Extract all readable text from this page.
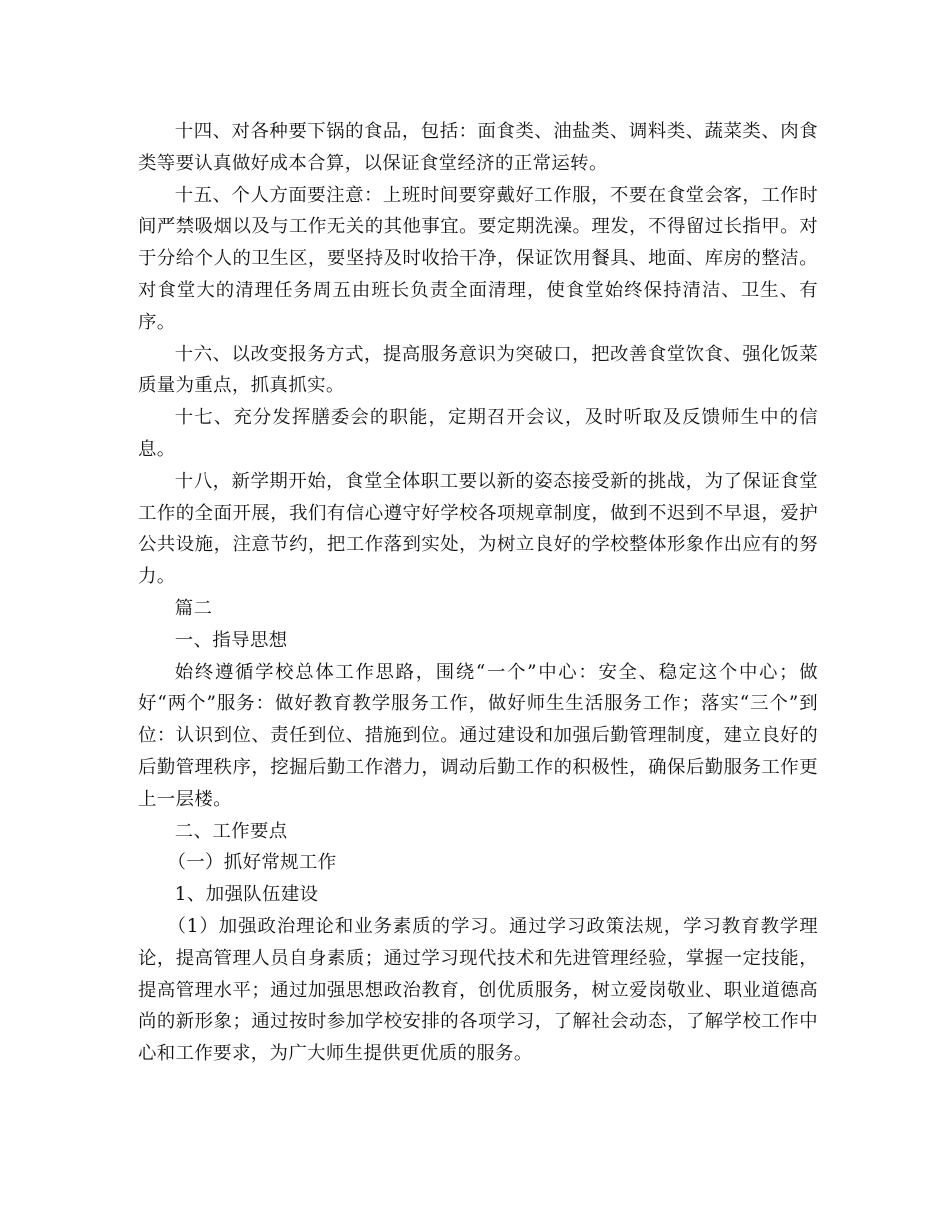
十四、对各种要下锅的食品，包括：面食类、油盐类、调料类、蔬菜类、肉食类等要认真做好成本合算，以保证食堂经济的正常运转。

十五、个人方面要注意：上班时间要穿戴好工作服，不要在食堂会客，工作时间严禁吸烟以及与工作无关的其他事宜。要定期洗澡。理发，不得留过长指甲。对于分给个人的卫生区，要坚持及时收拾干净，保证饮用餐具、地面、库房的整洁。对食堂大的清理任务周五由班长负责全面清理，使食堂始终保持清洁、卫生、有序。

十六、以改变报务方式，提高服务意识为突破口，把改善食堂饮食、强化饭菜质量为重点，抓真抓实。

十七、充分发挥膳委会的职能，定期召开会议，及时听取及反馈师生中的信息。

十八，新学期开始，食堂全体职工要以新的姿态接受新的挑战，为了保证食堂工作的全面开展，我们有信心遵守好学校各项规章制度，做到不迟到不早退，爱护公共设施，注意节约，把工作落到实处，为树立良好的学校整体形象作出应有的努力。

篇二

一、指导思想

始终遵循学校总体工作思路，围绕“一个”中心：安全、稳定这个中心；做好“两个”服务：做好教育教学服务工作，做好师生生活服务工作；落实“三个”到位：认识到位、责任到位、措施到位。通过建设和加强后勤管理制度，建立良好的后勤管理秩序，挖掘后勤工作潜力，调动后勤工作的积极性，确保后勤服务工作更上一层楼。

二、工作要点

（一）抓好常规工作

1、加强队伍建设

（1）加强政治理论和业务素质的学习。通过学习政策法规，学习教育教学理论，提高管理人员自身素质；通过学习现代技术和先进管理经验，掌握一定技能，提高管理水平；通过加强思想政治教育，创优质服务，树立爱岗敬业、职业道德高尚的新形象；通过按时参加学校安排的各项学习，了解社会动态，了解学校工作中心和工作要求，为广大师生提供更优质的服务。
